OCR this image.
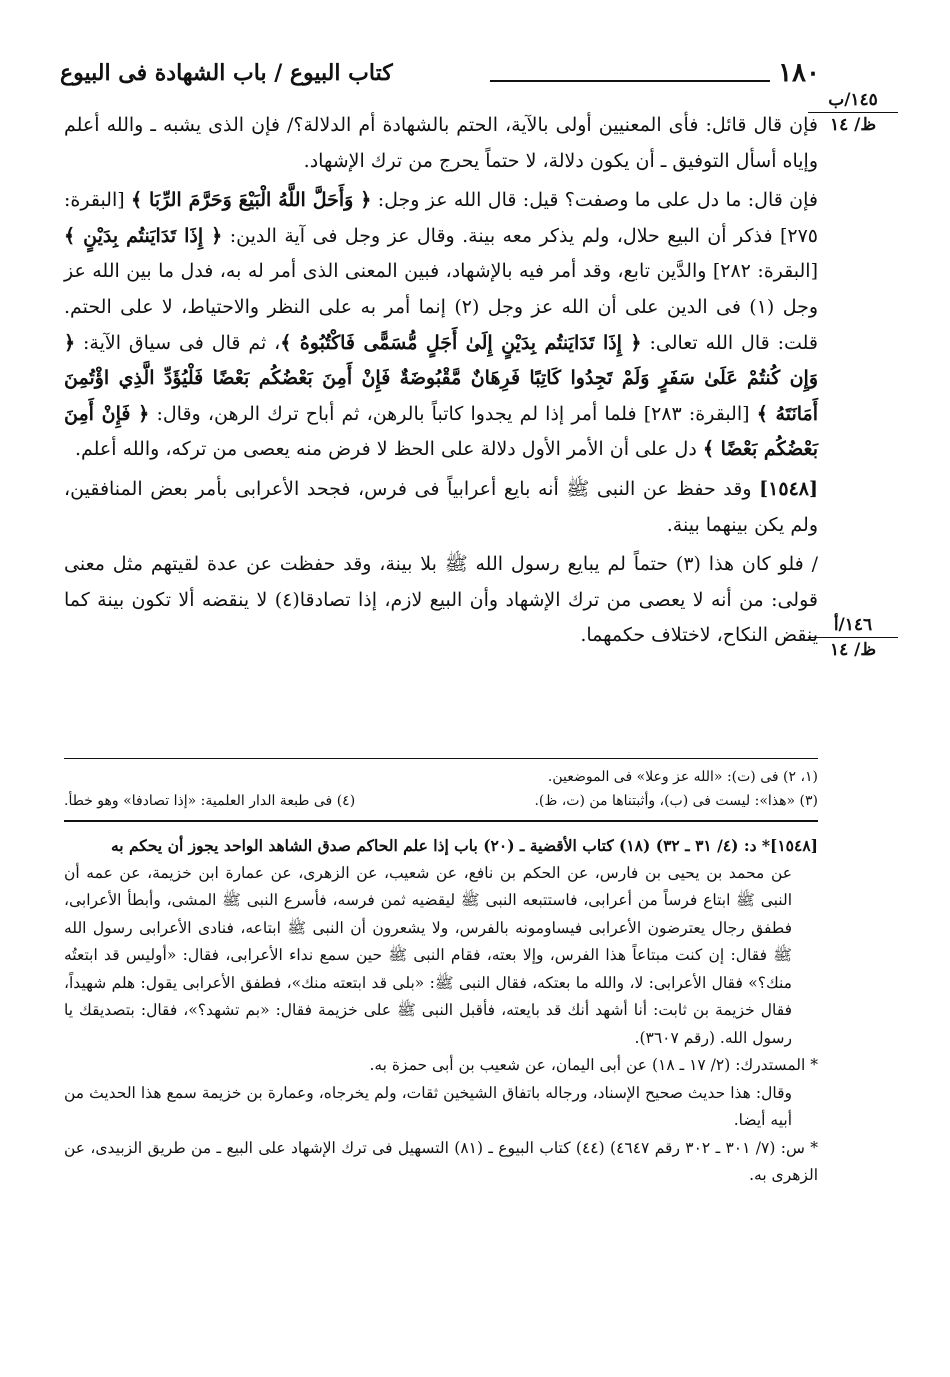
١٨٠
كتاب البيوع / باب الشهادة فى البيوع
١٤٥/ب
ظ/ ١٤
١٤٦/أ
ظ/ ١٤

فإن قال قائل: فأى المعنيين أولى بالآية، الحتم بالشهادة أم الدلالة؟/ فإن الذى يشبه ـ والله أعلم وإياه أسأل التوفيق ـ أن يكون دلالة، لا حتماً يحرج من ترك الإشهاد.

فإن قال: ما دل على ما وصفت؟ قيل: قال الله عز وجل: ﴿ وَأَحَلَّ اللَّهُ الْبَيْعَ وَحَرَّمَ الرِّبَا ﴾ [البقرة: ٢٧٥] فذكر أن البيع حلال، ولم يذكر معه بينة. وقال عز وجل فى آية الدين: ﴿ إِذَا تَدَايَنتُم بِدَيْنٍ ﴾ [البقرة: ٢٨٢] والدَّين تابع، وقد أمر فيه بالإشهاد، فبين المعنى الذى أمر له به، فدل ما بين الله عز وجل (١) فى الدين على أن الله عز وجل (٢) إنما أمر به على النظر والاحتياط، لا على الحتم. قلت: قال الله تعالى: ﴿ إِذَا تَدَايَنتُم بِدَيْنٍ إِلَىٰ أَجَلٍ مُّسَمًّى فَاكْتُبُوهُ ﴾، ثم قال فى سياق الآية: ﴿ وَإِن كُنتُمْ عَلَىٰ سَفَرٍ وَلَمْ تَجِدُوا كَاتِبًا فَرِهَانٌ مَّقْبُوضَةٌ فَإِنْ أَمِنَ بَعْضُكُم بَعْضًا فَلْيُؤَدِّ الَّذِي اؤْتُمِنَ أَمَانَتَهُ ﴾ [البقرة: ٢٨٣] فلما أمر إذا لم يجدوا كاتباً بالرهن، ثم أباح ترك الرهن، وقال: ﴿ فَإِنْ أَمِنَ بَعْضُكُم بَعْضًا ﴾ دل على أن الأمر الأول دلالة على الحظ لا فرض منه يعصى من تركه، والله أعلم.

[١٥٤٨] وقد حفظ عن النبى ﷺ أنه بايع أعرابياً فى فرس، فجحد الأعرابى بأمر بعض المنافقين، ولم يكن بينهما بينة.

/ فلو كان هذا (٣) حتماً لم يبايع رسول الله ﷺ بلا بينة، وقد حفظت عن عدة لقيتهم مثل معنى قولى: من أنه لا يعصى من ترك الإشهاد وأن البيع لازم، إذا تصادقا(٤) لا ينقضه ألا تكون بينة كما ينقض النكاح، لاختلاف حكمهما.

(١، ٢) فى (ت): «الله عز وعلا» فى الموضعين.
(٣) «هذا»: ليست فى (ب)، وأثبتناها من (ت، ظ).
(٤) فى طبعة الدار العلمية: «إذا تصادفا» وهو خطأ.

[١٥٤٨]* د: (٤/ ٣١ ـ ٣٢) (١٨) كتاب الأقضية ـ (٢٠) باب إذا علم الحاكم صدق الشاهد الواحد يجوز أن يحكم به

عن محمد بن يحيى بن فارس، عن الحكم بن نافع، عن شعيب، عن الزهرى، عن عمارة ابن خزيمة، عن عمه أن النبى ﷺ ابتاع فرساً من أعرابى، فاستتبعه النبى ﷺ ليقضيه ثمن فرسه، فأسرع النبى ﷺ المشى، وأبطأ الأعرابى، فطفق رجال يعترضون الأعرابى فيساومونه بالفرس، ولا يشعرون أن النبى ﷺ ابتاعه، فنادى الأعرابى رسول الله ﷺ فقال: إن كنت مبتاعاً هذا الفرس، وإلا بعته، فقام النبى ﷺ حين سمع نداء الأعرابى، فقال: «أوليس قد ابتعتُه منك؟» فقال الأعرابى: لا، والله ما بعتكه، فقال النبى ﷺ: «بلى قد ابتعته منك»، فطفق الأعرابى يقول: هلم شهيداً، فقال خزيمة بن ثابت: أنا أشهد أنك قد بايعته، فأقبل النبى ﷺ على خزيمة فقال: «بم تشهد؟»، فقال: بتصديقك يا رسول الله. (رقم ٣٦٠٧).

* المستدرك: (٢/ ١٧ ـ ١٨) عن أبى اليمان، عن شعيب بن أبى حمزة به.

وقال: هذا حديث صحيح الإسناد، ورجاله باتفاق الشيخين ثقات، ولم يخرجاه، وعمارة بن خزيمة سمع هذا الحديث من أبيه أيضا.

* س: (٧/ ٣٠١ ـ ٣٠٢ رقم ٤٦٤٧) (٤٤) كتاب البيوع ـ (٨١) التسهيل فى ترك الإشهاد على البيع ـ من طريق الزبيدى، عن الزهرى به.
